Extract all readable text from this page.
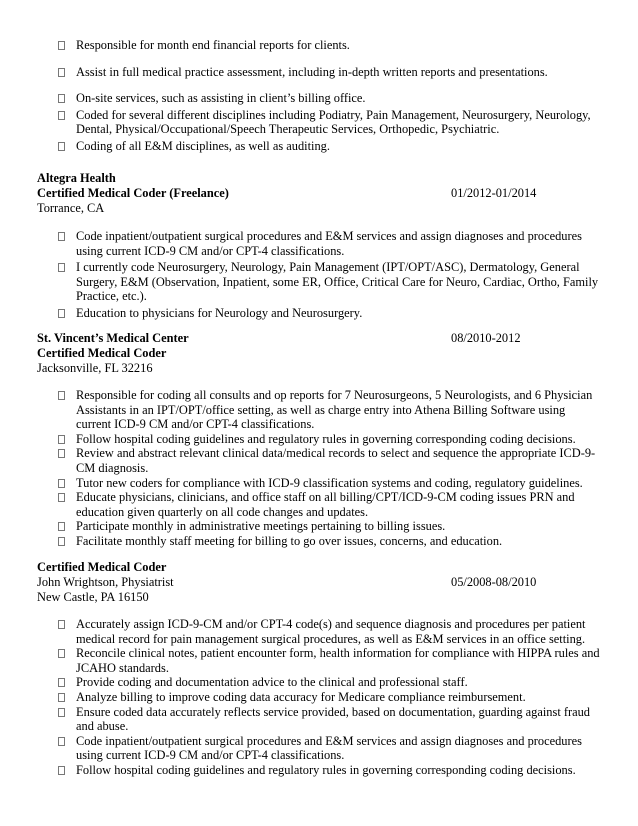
Responsible for month end financial reports for clients.
Assist in full medical practice assessment, including in-depth written reports and presentations.
On-site services, such as assisting in client’s billing office.
Coded for several different disciplines including Podiatry, Pain Management, Neurosurgery, Neurology, Dental, Physical/Occupational/Speech Therapeutic Services, Orthopedic, Psychiatric.
Coding of all E&M disciplines, as well as auditing.
Altegra Health
Certified Medical Coder (Freelance)	01/2012-01/2014
Torrance, CA
Code inpatient/outpatient surgical procedures and E&M services and assign diagnoses and procedures using current ICD-9 CM and/or CPT-4 classifications.
I currently code Neurosurgery, Neurology, Pain Management (IPT/OPT/ASC), Dermatology, General Surgery, E&M (Observation, Inpatient, some ER, Office, Critical Care for Neuro, Cardiac, Ortho, Family Practice, etc.).
Education to physicians for Neurology and Neurosurgery.
St. Vincent’s Medical Center	08/2010-2012
Certified Medical Coder
Jacksonville, FL 32216
Responsible for coding all consults and op reports for 7 Neurosurgeons, 5 Neurologists, and 6 Physician Assistants in an IPT/OPT/office setting, as well as charge entry into Athena Billing Software using current ICD-9 CM and/or CPT-4 classifications.
Follow hospital coding guidelines and regulatory rules in governing corresponding coding decisions.
Review and abstract relevant clinical data/medical records to select and sequence the appropriate ICD-9-CM diagnosis.
Tutor new coders for compliance with ICD-9 classification systems and coding, regulatory guidelines.
Educate physicians, clinicians, and office staff on all billing/CPT/ICD-9-CM coding issues PRN and education given quarterly on all code changes and updates.
Participate monthly in administrative meetings pertaining to billing issues.
Facilitate monthly staff meeting for billing to go over issues, concerns, and education.
Certified Medical Coder
John Wrightson, Physiatrist	05/2008-08/2010
New Castle, PA 16150
Accurately assign ICD-9-CM and/or CPT-4 code(s) and sequence diagnosis and procedures per patient medical record for pain management surgical procedures, as well as E&M services in an office setting.
Reconcile clinical notes, patient encounter form, health information for compliance with HIPPA rules and JCAHO standards.
Provide coding and documentation advice to the clinical and professional staff.
Analyze billing to improve coding data accuracy for Medicare compliance reimbursement.
Ensure coded data accurately reflects service provided, based on documentation, guarding against fraud and abuse.
Code inpatient/outpatient surgical procedures and E&M services and assign diagnoses and procedures using current ICD-9 CM and/or CPT-4 classifications.
Follow hospital coding guidelines and regulatory rules in governing corresponding coding decisions.
